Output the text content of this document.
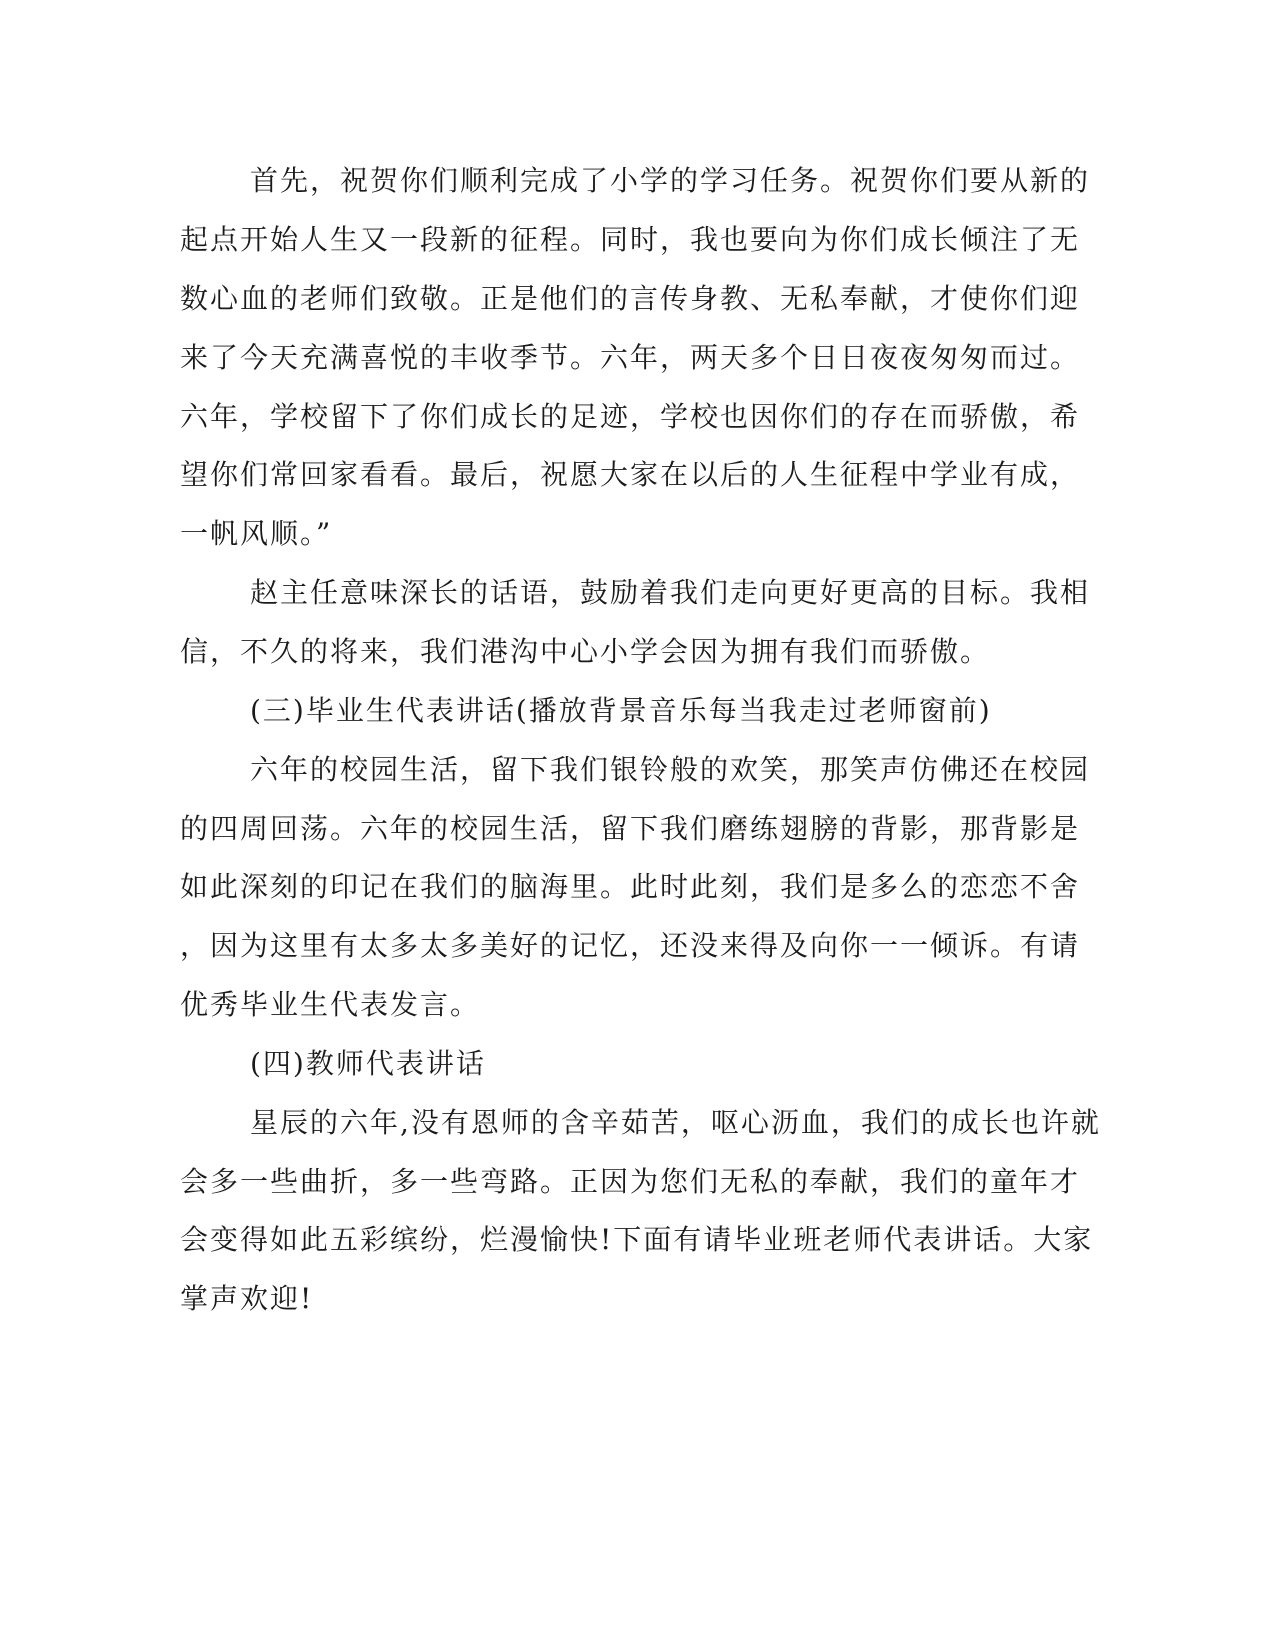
首先，祝贺你们顺利完成了小学的学习任务。祝贺你们要从新的
起点开始人生又一段新的征程。同时，我也要向为你们成长倾注了无
数心血的老师们致敬。正是他们的言传身教、无私奉献，才使你们迎
来了今天充满喜悦的丰收季节。六年，两天多个日日夜夜匆匆而过。
六年，学校留下了你们成长的足迹，学校也因你们的存在而骄傲，希
望你们常回家看看。最后，祝愿大家在以后的人生征程中学业有成，
一帆风顺。”
赵主任意味深长的话语，鼓励着我们走向更好更高的目标。我相
信，不久的将来，我们港沟中心小学会因为拥有我们而骄傲。
(三)毕业生代表讲话(播放背景音乐每当我走过老师窗前)
六年的校园生活，留下我们银铃般的欢笑，那笑声仿佛还在校园
的四周回荡。六年的校园生活，留下我们磨练翅膀的背影，那背影是
如此深刻的印记在我们的脑海里。此时此刻，我们是多么的恋恋不舍
，因为这里有太多太多美好的记忆，还没来得及向你一一倾诉。有请
优秀毕业生代表发言。
(四)教师代表讲话
星辰的六年,没有恩师的含辛茹苦，呕心沥血，我们的成长也许就
会多一些曲折，多一些弯路。正因为您们无私的奉献，我们的童年才
会变得如此五彩缤纷，烂漫愉快!下面有请毕业班老师代表讲话。大家
掌声欢迎!
